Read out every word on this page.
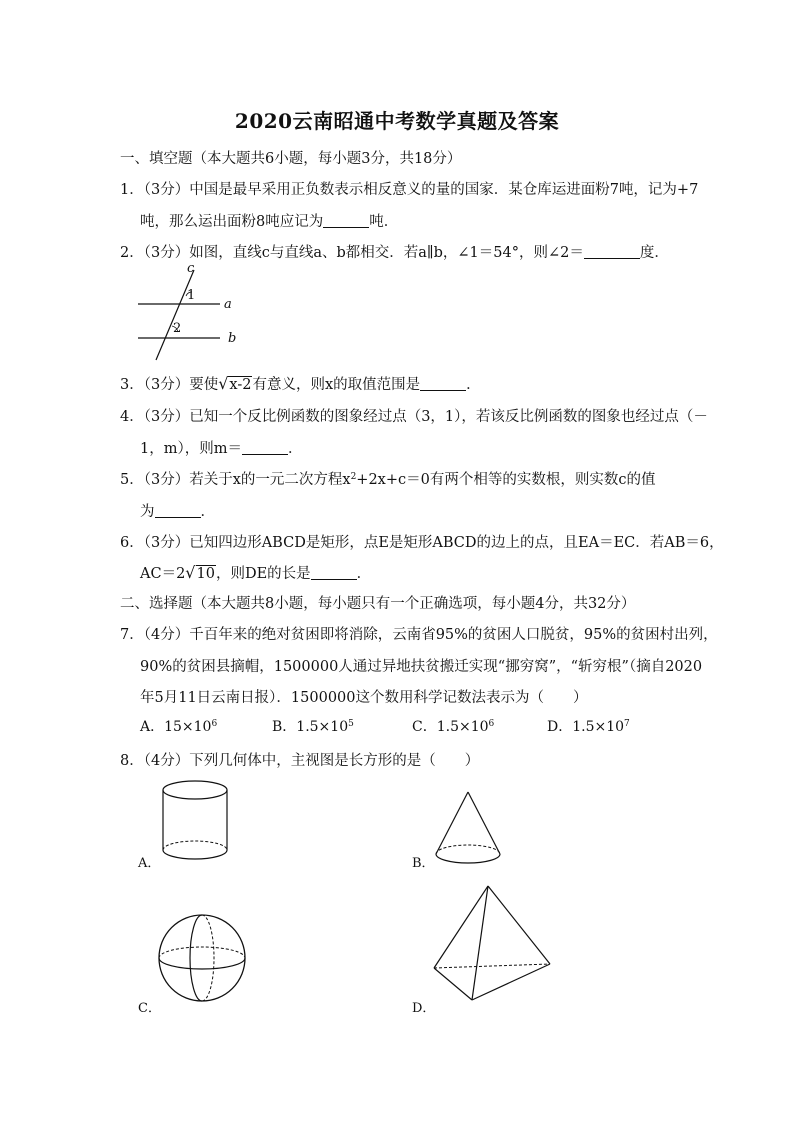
2020云南昭通中考数学真题及答案
一、填空题（本大题共6小题，每小题3分，共18分）
1．（3分）中国是最早采用正负数表示相反意义的量的国家．某仓库运进面粉7吨，记为+7
吨，那么运出面粉8吨应记为	吨．
2．（3分）如图，直线c与直线a、b都相交．若a∥b，∠1＝54°，则∠2＝	度．
c
1
a
2
b
3．（3分）要使√x-2有意义，则x的取值范围是	．
4．（3分）已知一个反比例函数的图象经过点（3，1），若该反比例函数的图象也经过点（－
1，m），则m＝	．
5．（3分）若关于x的一元二次方程$x^2+2x+c=0$有两个相等的实数根，则实数c的值
为	．
6．（3分）已知四边形ABCD是矩形，点E是矩形ABCD的边上的点，且EA＝EC．若AB＝6，
AC＝2√10，则DE的长是	．
二、选择题（本大题共8小题，每小题只有一个正确选项，每小题4分，共32分）
7．（4分）千百年来的绝对贫困即将消除，云南省95%的贫困人口脱贫，95%的贫困村出列，
90%的贫困县摘帽，1500000人通过异地扶贫搬迁实现“挪穷窝”，“斩穷根”（摘自2020
年5月11日云南日报）．1500000这个数用科学记数法表示为（　　）
A．$15\times 10^6$	B．$1.5\times 10^5$	C．$1.5\times 10^6$	D．$1.5\times 10^7$
8．（4分）下列几何体中，主视图是长方形的是（　　）
A．	B．
C．	D．
